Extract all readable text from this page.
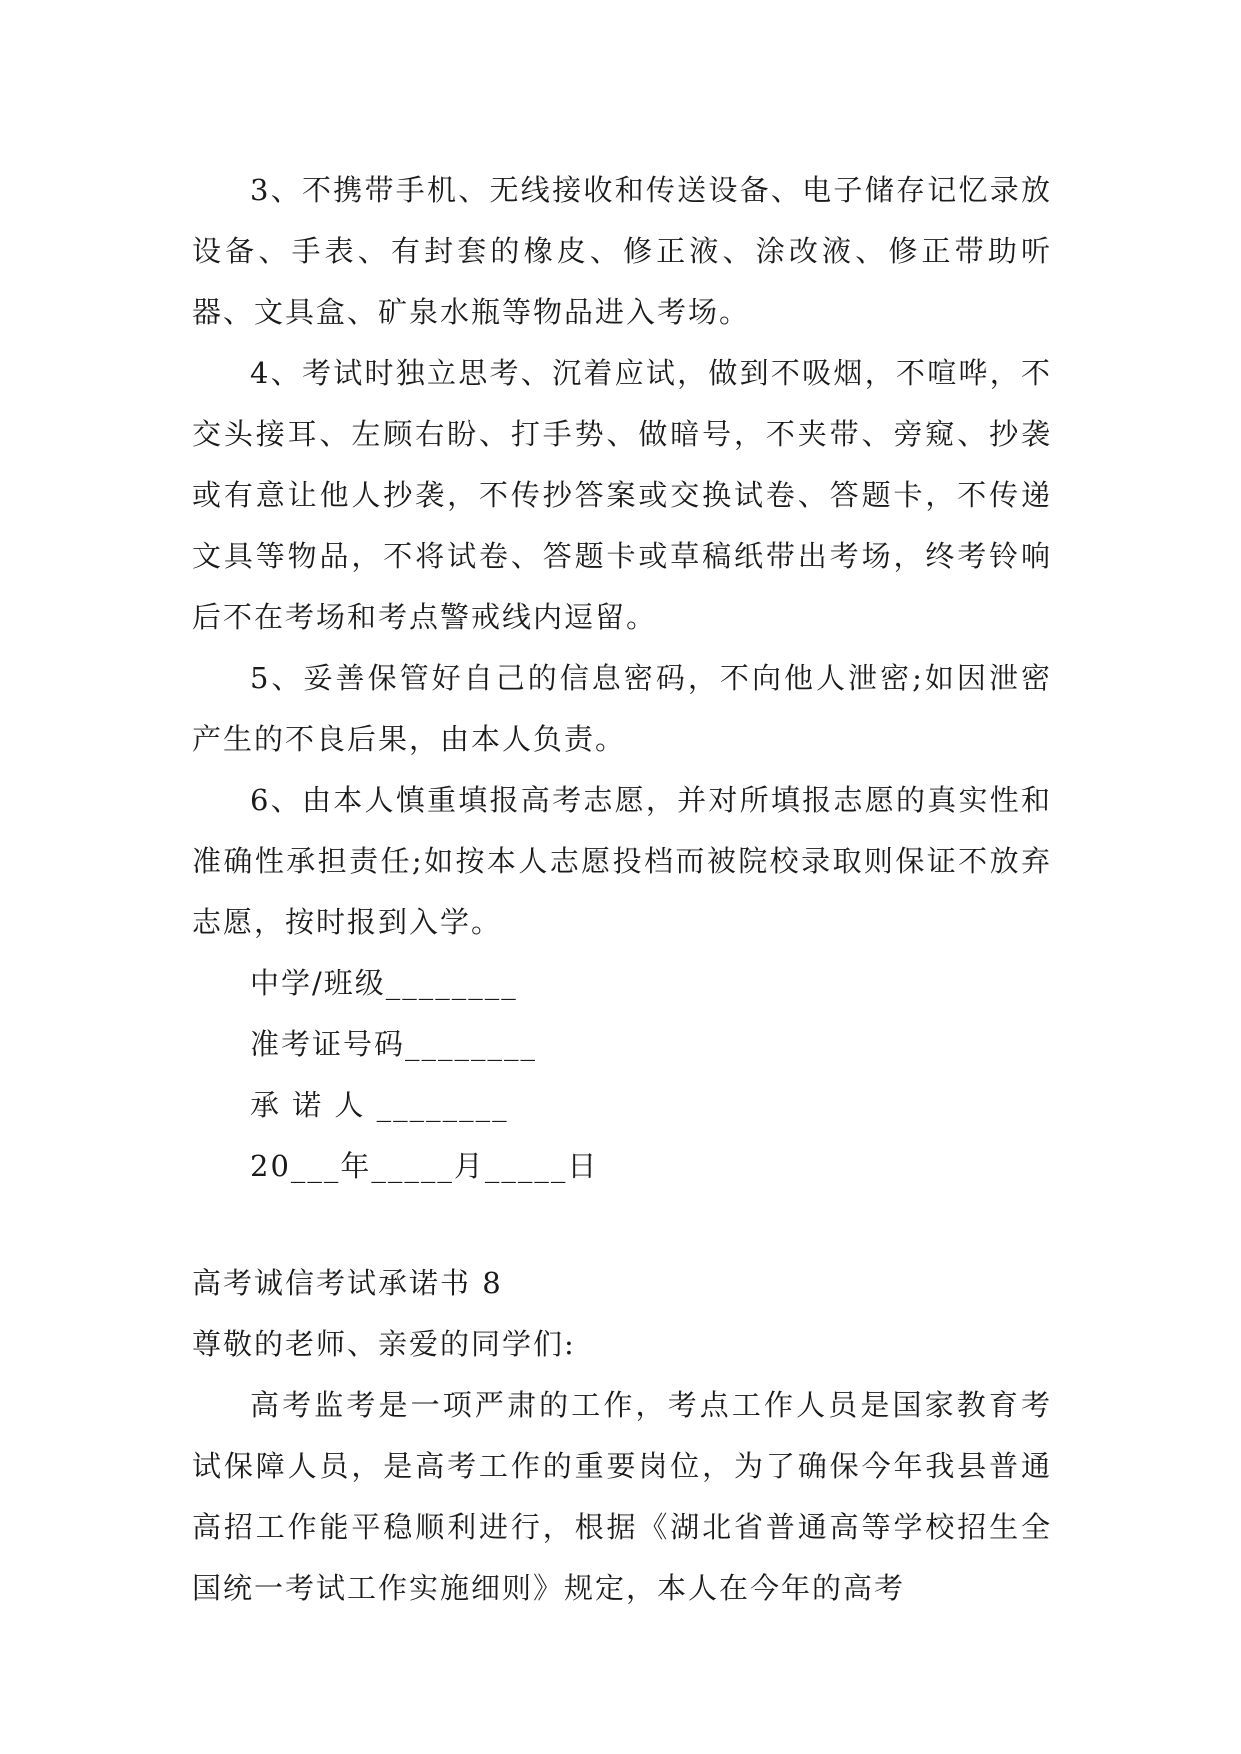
3、不携带手机、无线接收和传送设备、电子储存记忆录放设备、手表、有封套的橡皮、修正液、涂改液、修正带助听器、文具盒、矿泉水瓶等物品进入考场。

4、考试时独立思考、沉着应试，做到不吸烟，不喧哗，不交头接耳、左顾右盼、打手势、做暗号，不夹带、旁窥、抄袭或有意让他人抄袭，不传抄答案或交换试卷、答题卡，不传递文具等物品，不将试卷、答题卡或草稿纸带出考场，终考铃响后不在考场和考点警戒线内逗留。

5、妥善保管好自己的信息密码，不向他人泄密;如因泄密产生的不良后果，由本人负责。

6、由本人慎重填报高考志愿，并对所填报志愿的真实性和准确性承担责任;如按本人志愿投档而被院校录取则保证不放弃志愿，按时报到入学。

中学/班级________

准考证号码________

承 诺 人 ________

20___年_____月_____日

高考诚信考试承诺书 8

尊敬的老师、亲爱的同学们:

高考监考是一项严肃的工作，考点工作人员是国家教育考试保障人员，是高考工作的重要岗位，为了确保今年我县普通高招工作能平稳顺利进行，根据《湖北省普通高等学校招生全国统一考试工作实施细则》规定，本人在今年的高考
